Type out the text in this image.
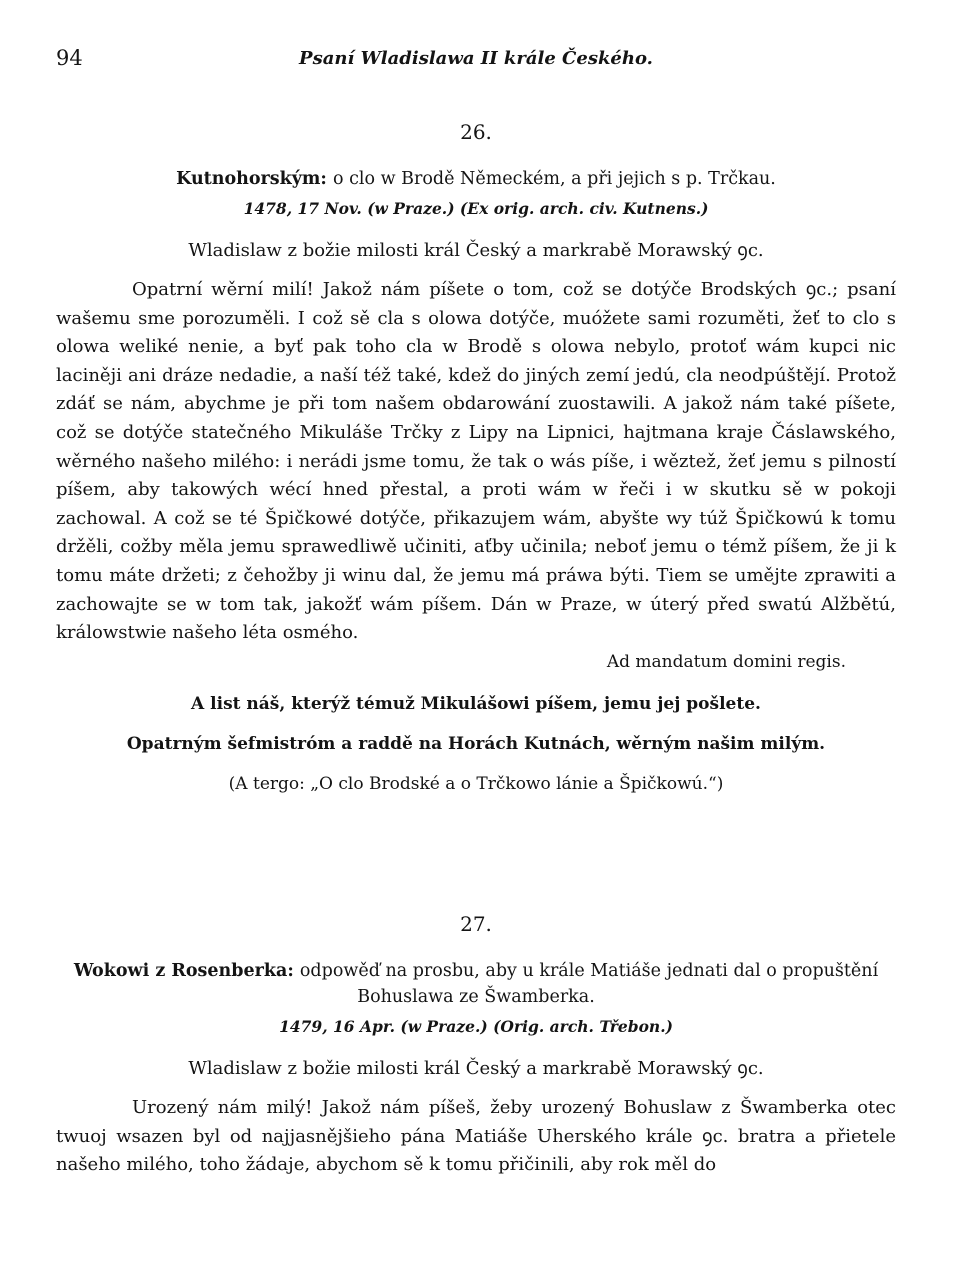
94	Psaní Wladislawa II krále Českého.
26.
Kutnohorským: o clo w Brodě Německém, a při jejich s p. Trčkau.
1478, 17 Nov. (w Praze.) (Ex orig. arch. civ. Kutnens.)
Wladislaw z božie milosti král Český a markrabě Morawský ꝯc.

Opatrní wěrní milí! Jakož nám píšete o tom, což se dotýče Brodských ꝯc.; psaní wašemu sme porozuměli. I což sě cla s olowa dotýče, muóžete sami rozuměti, žeť to clo s olowa weliké nenie, a byť pak toho cla w Brodě s olowa nebylo, protoť wám kupci nic laciněji ani dráze nedadie, a naší též také, kdež do jiných zemí jedú, cla neodpúštějí. Protož zdáť se nám, abychme je při tom našem obdarowání zuostawili. A jakož nám také píšete, což se dotýče statečného Mikuláše Trčky z Lipy na Lipnici, hajtmana kraje Čáslawského, wěrného našeho milého: i nerádi jsme tomu, že tak o wás píše, i wěztež, žeť jemu s pilností píšem, aby takowých wécí hned přestal, a proti wám w řeči i w skutku sě w pokoji zachowal. A což se té Špičkowé dotýče, přikazujem wám, abyšte wy túž Špičkowú k tomu držěli, cožby měla jemu sprawedliwě učiniti, aťby učinila; neboť jemu o témž píšem, že ji k tomu máte držeti; z čehožby ji winu dal, že jemu má práwa býti. Tiem se umějte zprawiti a zachowajte se w tom tak, jakožť wám píšem. Dán w Praze, w úterý před swatú Alžbětú, králowstwie našeho léta osmého.

Ad mandatum domini regis.
A list náš, kterýž témuž Mikulášowi píšem, jemu jej pošlete.
Opatrným šefmistróm a raddě na Horách Kutnách, wěrným našim milým.
(A tergo: „O clo Brodské a o Trčkowo lánie a Špičkowú.“)
27.
Wokowi z Rosenberka: odpowěď na prosbu, aby u krále Matiáše jednati dal o propuštění Bohuslawa ze Šwamberka.
1479, 16 Apr. (w Praze.) (Orig. arch. Třebon.)
Wladislaw z božie milosti král Český a markrabě Morawský ꝯc.

Urozený nám milý! Jakož nám píšeš, žeby urozený Bohuslaw z Šwamberka otec twuoj wsazen byl od najjasnějšieho pána Matiáše Uherského krále ꝯc. bratra a přietele našeho milého, toho žádaje, abychom sě k tomu přičinili, aby rok měl do
